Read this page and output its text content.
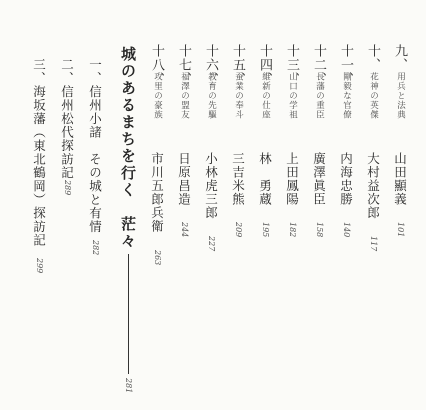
九、
用兵と法典
山田顯義
101
十、
花神の英傑
大村益次郎
117
十一、
剛毅な官僚
内海忠勝
140
十二、
長藩の重臣
廣澤眞臣
158
十三、
山口の学祖
上田鳳陽
182
十四、
維新の仕座
林　勇蔵
195
十五、
蚕業の奉斗
三吉米熊
209
十六、
教育の先驅
小林虎三郎
227
十七、
福澤の盟友
日原昌造
244
十八、
攻里の豪族
市川五郎兵衛
263
城のあるまちを行く　茫々
281
一、信州小諸　その城と有情
282
二、信州松代探訪記
289
三、海坂藩（東北鶴岡）探訪記
299
